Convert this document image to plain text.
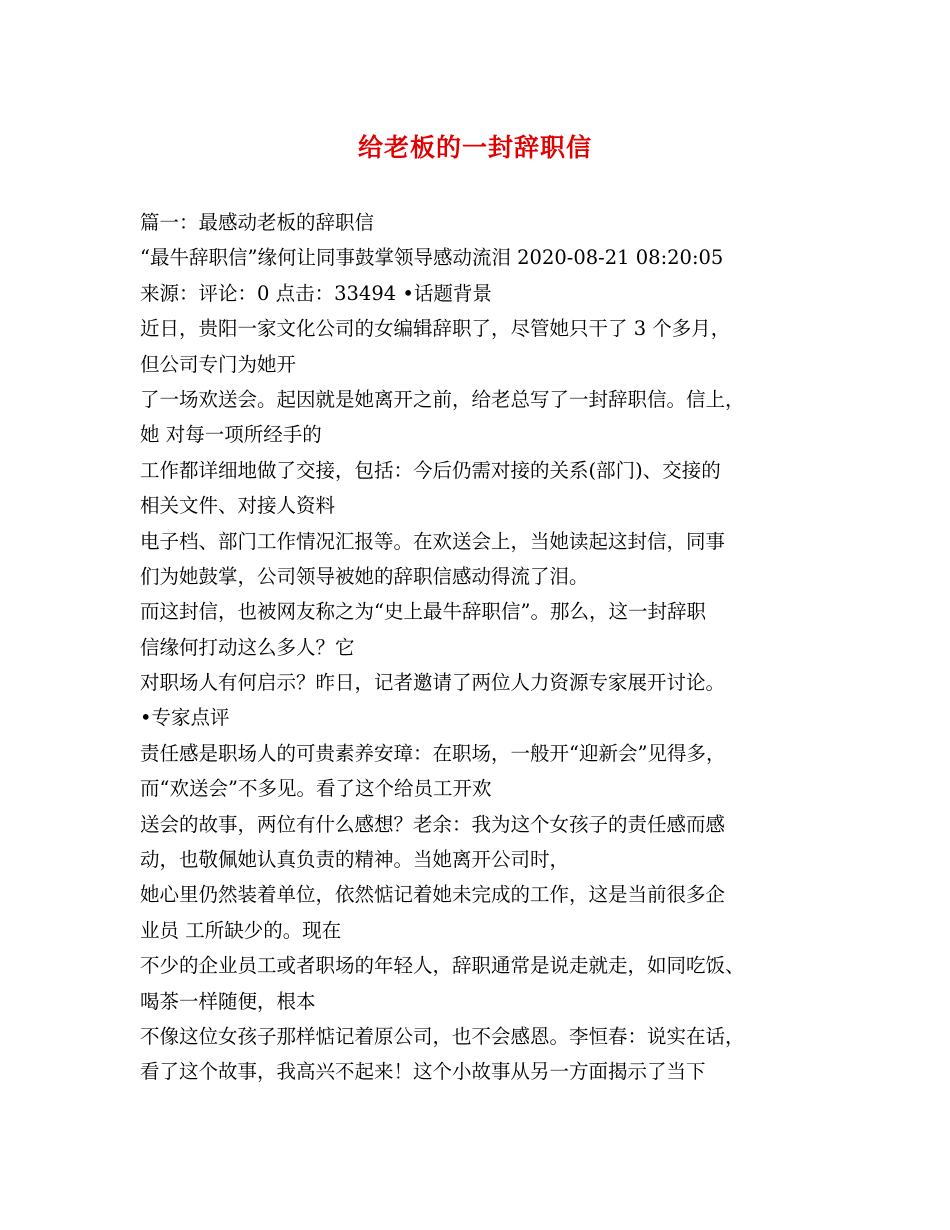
给老板的一封辞职信
篇一：最感动老板的辞职信
“最牛辞职信”缘何让同事鼓掌领导感动流泪 2020-08-21 08:20:05
来源：评论：0 点击：33494 •话题背景
近日，贵阳一家文化公司的女编辑辞职了，尽管她只干了 3 个多月，
但公司专门为她开
了一场欢送会。起因就是她离开之前，给老总写了一封辞职信。信上，
她 对每一项所经手的
工作都详细地做了交接，包括：今后仍需对接的关系(部门)、交接的
相关文件、对接人资料
电子档、部门工作情况汇报等。在欢送会上，当她读起这封信，同事
们为她鼓掌，公司领导被她的辞职信感动得流了泪。
而这封信，也被网友称之为“史上最牛辞职信”。那么，这一封辞职
信缘何打动这么多人？它
对职场人有何启示？昨日，记者邀请了两位人力资源专家展开讨论。
•专家点评
责任感是职场人的可贵素养安璋：在职场，一般开“迎新会”见得多，
而“欢送会”不多见。看了这个给员工开欢
送会的故事，两位有什么感想？老余：我为这个女孩子的责任感而感
动，也敬佩她认真负责的精神。当她离开公司时，
她心里仍然装着单位，依然惦记着她未完成的工作，这是当前很多企
业员 工所缺少的。现在
不少的企业员工或者职场的年轻人，辞职通常是说走就走，如同吃饭、
喝茶一样随便，根本
不像这位女孩子那样惦记着原公司，也不会感恩。李恒春：说实在话，
看了这个故事，我高兴不起来！这个小故事从另一方面揭示了当下
